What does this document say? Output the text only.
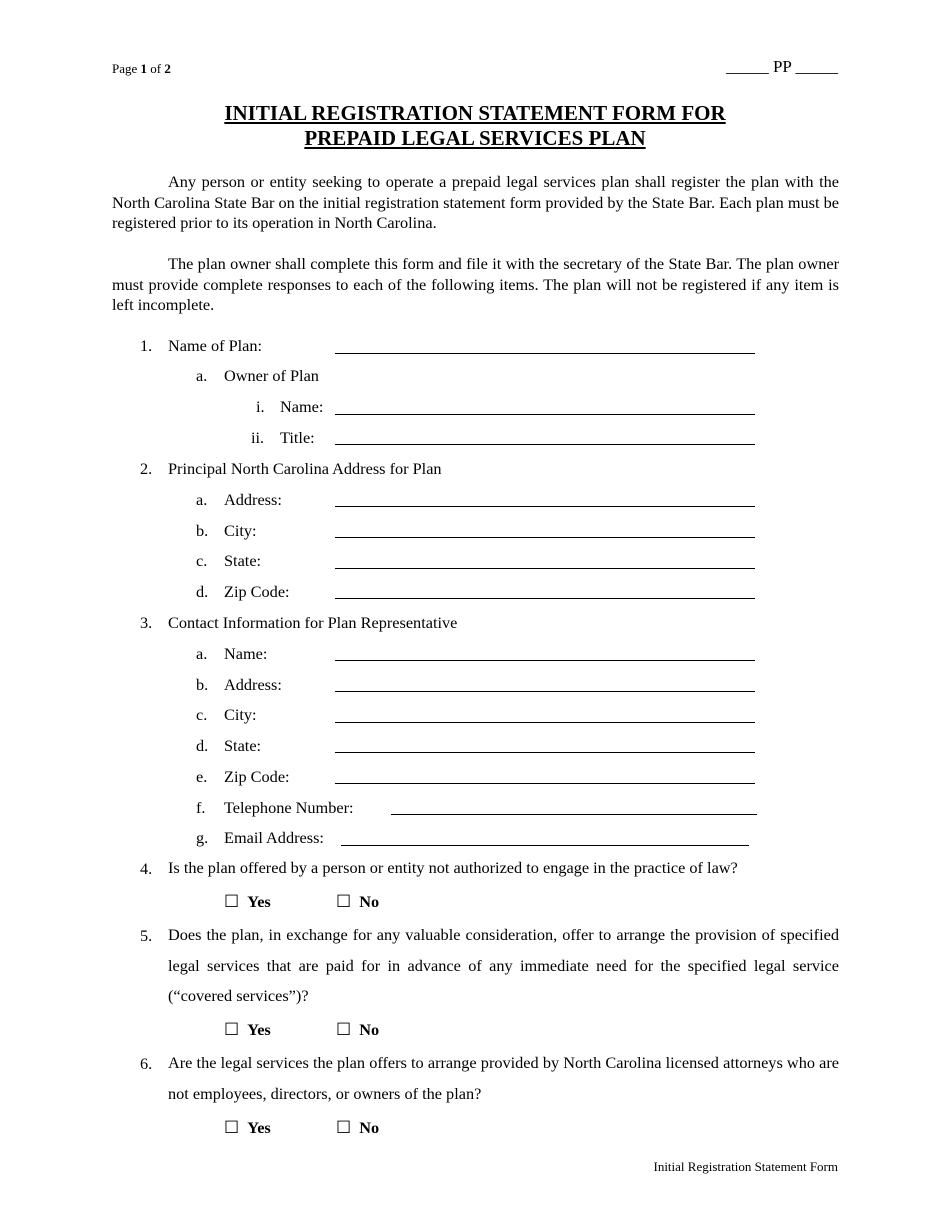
Page 1 of 2	_____ PP _____
INITIAL REGISTRATION STATEMENT FORM FOR
PREPAID LEGAL SERVICES PLAN
Any person or entity seeking to operate a prepaid legal services plan shall register the plan with the North Carolina State Bar on the initial registration statement form provided by the State Bar. Each plan must be registered prior to its operation in North Carolina.
The plan owner shall complete this form and file it with the secretary of the State Bar. The plan owner must provide complete responses to each of the following items. The plan will not be registered if any item is left incomplete.
1. Name of Plan:
a. Owner of Plan
i. Name:
ii. Title:
2. Principal North Carolina Address for Plan
a. Address:
b. City:
c. State:
d. Zip Code:
3. Contact Information for Plan Representative
a. Name:
b. Address:
c. City:
d. State:
e. Zip Code:
f. Telephone Number:
g. Email Address:
4. Is the plan offered by a person or entity not authorized to engage in the practice of law?
☐ Yes	☐ No
5. Does the plan, in exchange for any valuable consideration, offer to arrange the provision of specified legal services that are paid for in advance of any immediate need for the specified legal service (“covered services”)?
☐ Yes	☐ No
6. Are the legal services the plan offers to arrange provided by North Carolina licensed attorneys who are not employees, directors, or owners of the plan?
☐ Yes	☐ No
Initial Registration Statement Form
